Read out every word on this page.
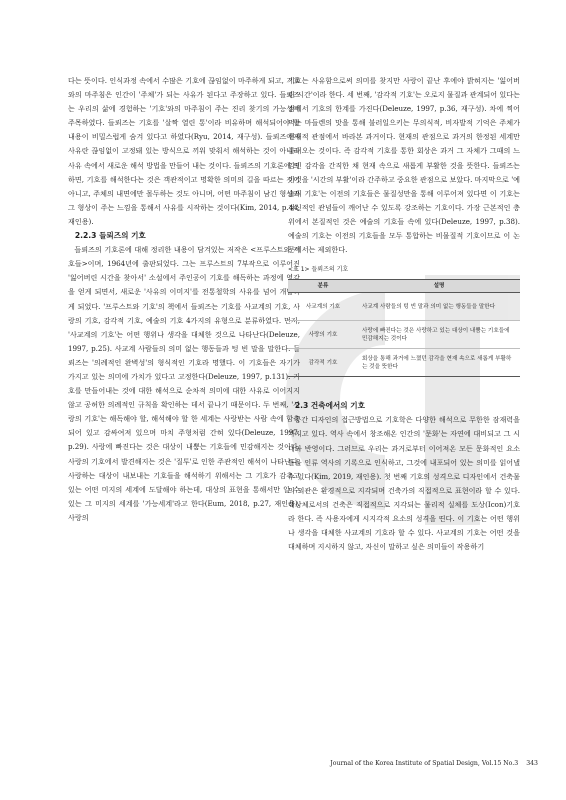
다는 뜻이다. 인식과정 속에서 수많은 기호에 끊임없이 마주하게 되고, 기호와의 마주침은 인간이 '주체'가 되는 사유가 된다고 주장하고 있다. 들뢰즈는 우리의 삶에 경험하는 '기호'와의 마주침이 주는 진리 찾기의 가능성에 주목하였다. 들뢰즈는 기호를 '살짝 열린 통'이라 비유하며 해석되어야 할 내용이 비밀스럽게 숨겨 있다고 하였다(Ryu, 2014, 재구성). 들뢰즈에게 사유란 끊임없이 고정돼 있는 방식으로 끼워 맞춰서 해석하는 것이 아니라 사유 속에서 새로운 해석 방법을 만들어 내는 것이다. 들뢰즈의 기호론에 의하면, 기호를 해석한다는 것은 객관적이고 명확한 의미의 길을 따르는 것이 아니고, 주체의 내면에만 몰두하는 것도 아니며, 어떤 마주침이 남긴 형상과 그 형상이 주는 느낌을 통해서 사유를 시작하는 것이다(Kim, 2014, p.44, 재인용).

2.2.3 들뢰즈의 기호

들뢰즈의 기호론에 대해 정리한 내용이 담겨있는 저작은 <프루스트와 기호들>이며, 1964년에 출판되었다. 그는 프루스트의 7부작으로 이루어진 '잃어버린 시간을 찾아서' 소설에서 주인공이 기호를 해독하는 과정에 영감을 얻게 되면서, 새로운 '사유의 이미지'를 전통철학의 사유를 넘어 개발하게 되었다. '프루스트와 기호'의 책에서 들뢰즈는 기호를 사교계의 기호, 사랑의 기호, 감각적 기호, 예술의 기호 4가지의 유형으로 분류하였다. 먼저, '사교계의 기호'는 어떤 행위나 생각을 대체한 것으로 나타난다(Deleuze, 1997, p.25). 사교계 사람들의 의미 없는 행동들과 텅 빈 말을 말한다. 들뢰즈는 '의례적인 완벽성'의 형식적인 기호라 명했다. 이 기호들은 자기가 가지고 있는 의미에 가치가 있다고 고정한다(Deleuze, 1997, p.131). 기호를 만들어내는 것에 대한 해석으로 순차적 의미에 대한 사유로 이어지지 않고 공허한 의례적인 규칙을 확인하는 데서 끝나기 때문이다. 두 번째, '사랑의 기호'는 해독해야 할, 해석해야 할 한 세계는 사랑받는 사람 속에 함축되어 있고 감싸여져 있으며 마치 주형처럼 간혀 있다(Deleuze, 1997, p.29). 사랑에 빠진다는 것은 대상이 내뿜는 기호들에 민감해지는 것이다. 사랑의 기호에서 발견해지는 것은 '질투'로 인한 주관적인 해석이 나타난다. 사랑하는 대상이 내보내는 기호들을 해석하기 위해서는 그 기호가 감추고 있는 어떤 미지의 세계에 도달해야 하는데, 대상의 표현을 통해서만 알 수 있는 그 미지의 세계를 '가능세계'라고 한다(Eum, 2018, p.27, 재인용). 사랑의

기호는 사유함으로써 의미를 찾지만 사랑이 끝난 후에야 밝혀지는 '잃어버린 시간'이라 한다. 세 번째, '감각적 기호'는 오로지 물질과 관계되어 있다는 점에서 기호의 한계를 가진다(Deleuze, 1997, p.36, 재구성). 차에 찍어먹는 마들렌의 맛을 통해 불러일으키는 무의식적, 비자발적 기억은 주체가 현재적 관점에서 바라본 과거이다. 현재의 관점으로 과거의 한정된 세계만 불러오는 것이다. 즉 감각적 기호를 통한 회상은 과거 그 자체가 그때의 느낌인 감각을 간직한 채 현재 속으로 새롭게 부활한 것을 뜻한다. 들뢰즈는 이것을 '시간의 부활'이라 간주하고 중요한 관점으로 보았다. 마지막으로 '예술의 기호'는 이전의 기호들은 물질성만을 통해 이루어져 있다면 이 기호는 정신적인 관념들이 깨어난 수 있도록 강조하는 기호이다. 가장 근본적인 층위에서 본질적인 것은 예술의 기호들 속에 있다(Deleuze, 1997, p.38). 예술의 기호는 이전의 기호들을 모두 통합하는 비물질적 기호이므로 이 논문에서는 제외한다.

<표 1> 들뢰즈의 기호
분류	설명
사교계의 기호	사교계 사람들의 텅 빈 말과 의미 없는 행동들을 말한다
사랑의 기호	사랑에 빠진다는 것은 사랑하고 있는 대상이 내뿜는 기호들에 민감해지는 것이다
감각적 기호	회상을 통해 과거에 느꼈던 감각을 현재 속으로 새롭게 부활하는 것을 뜻한다

2.3 건축에서의 기호

공간 디자인의 접근방법으로 기호학은 다양한 해석으로 무한한 잠재력을 가지고 있다. 역사 속에서 창조해온 인간의 '문화'는 자연에 대비되고 그 시대와 반영이다. 그러므로 우리는 과거로부터 이어져온 모든 문화적인 요소들을 인류 역사의 기록으로 인식하고, 그것에 내포되어 있는 의미를 읽어낼 수 있다(Kim, 2019, 재인용). 첫 번째 기호의 성격으로 디자인에서 건축물의 외관은 환경적으로 지각되며 건축가의 직접적으로 표현이라 할 수 있다. 대상체로서의 건축은 직접적으로 지각되는 물리적 실체를 도상(Icon)기호라 한다. 즉 사용자에게 시지각적 요소의 성격을 띤다. 이 기호는 어떤 행위나 생각을 대체한 사교계의 기호라 할 수 있다. 사교계의 기호는 어떤 것을 대체하며 지시하지 않고, 자신이 말하고 싶은 의미들이 작용하기

Journal of the Korea Institute of Spatial Design, Vol.15 No.3 343
